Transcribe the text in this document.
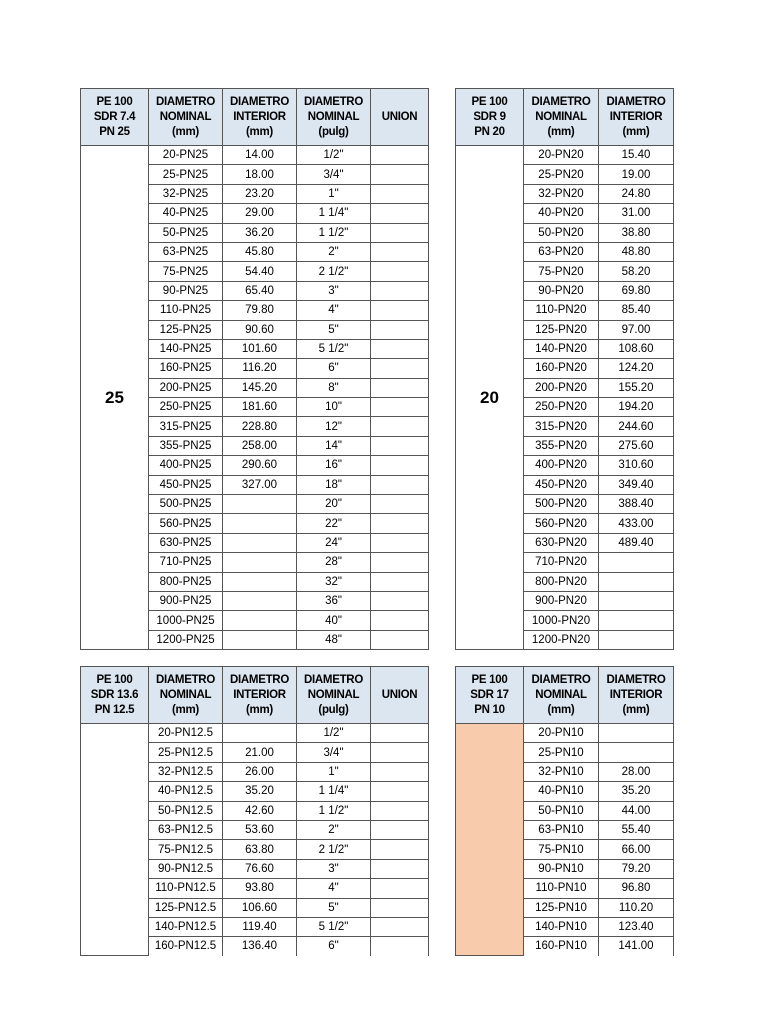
PE 100
SDR 7.4
PN 25	DIAMETRO
NOMINAL
(mm)	DIAMETRO
INTERIOR
(mm)	DIAMETRO
NOMINAL
(pulg)	UNION
25	20-PN25	14.00	1/2"	
	25-PN25	18.00	3/4"	
	32-PN25	23.20	1"	
	40-PN25	29.00	1 1/4"	
	50-PN25	36.20	1 1/2"	
	63-PN25	45.80	2"	
	75-PN25	54.40	2 1/2"	
	90-PN25	65.40	3"	
	110-PN25	79.80	4"	
	125-PN25	90.60	5"	
	140-PN25	101.60	5 1/2"	
	160-PN25	116.20	6"	
	200-PN25	145.20	8"	
	250-PN25	181.60	10"	
	315-PN25	228.80	12"	
	355-PN25	258.00	14"	
	400-PN25	290.60	16"	
	450-PN25	327.00	18"	
	500-PN25		20"	
	560-PN25		22"	
	630-PN25		24"	
	710-PN25		28"	
	800-PN25		32"	
	900-PN25		36"	
	1000-PN25		40"	
	1200-PN25		48"	
PE 100
SDR 9
PN 20	DIAMETRO
NOMINAL
(mm)	DIAMETRO
INTERIOR
(mm)
20	20-PN20	15.40
	25-PN20	19.00
	32-PN20	24.80
	40-PN20	31.00
	50-PN20	38.80
	63-PN20	48.80
	75-PN20	58.20
	90-PN20	69.80
	110-PN20	85.40
	125-PN20	97.00
	140-PN20	108.60
	160-PN20	124.20
	200-PN20	155.20
	250-PN20	194.20
	315-PN20	244.60
	355-PN20	275.60
	400-PN20	310.60
	450-PN20	349.40
	500-PN20	388.40
	560-PN20	433.00
	630-PN20	489.40
	710-PN20	
	800-PN20	
	900-PN20	
	1000-PN20	
	1200-PN20	
PE 100
SDR 13.6
PN 12.5	DIAMETRO
NOMINAL
(mm)	DIAMETRO
INTERIOR
(mm)	DIAMETRO
NOMINAL
(pulg)	UNION
	20-PN12.5		1/2"	
	25-PN12.5	21.00	3/4"	
	32-PN12.5	26.00	1"	
	40-PN12.5	35.20	1 1/4"	
	50-PN12.5	42.60	1 1/2"	
	63-PN12.5	53.60	2"	
	75-PN12.5	63.80	2 1/2"	
	90-PN12.5	76.60	3"	
	110-PN12.5	93.80	4"	
	125-PN12.5	106.60	5"	
	140-PN12.5	119.40	5 1/2"	
	160-PN12.5	136.40	6"	
PE 100
SDR 17
PN 10	DIAMETRO
NOMINAL
(mm)	DIAMETRO
INTERIOR
(mm)
	20-PN10	
	25-PN10	
	32-PN10	28.00
	40-PN10	35.20
	50-PN10	44.00
	63-PN10	55.40
	75-PN10	66.00
	90-PN10	79.20
	110-PN10	96.80
	125-PN10	110.20
	140-PN10	123.40
	160-PN10	141.00
